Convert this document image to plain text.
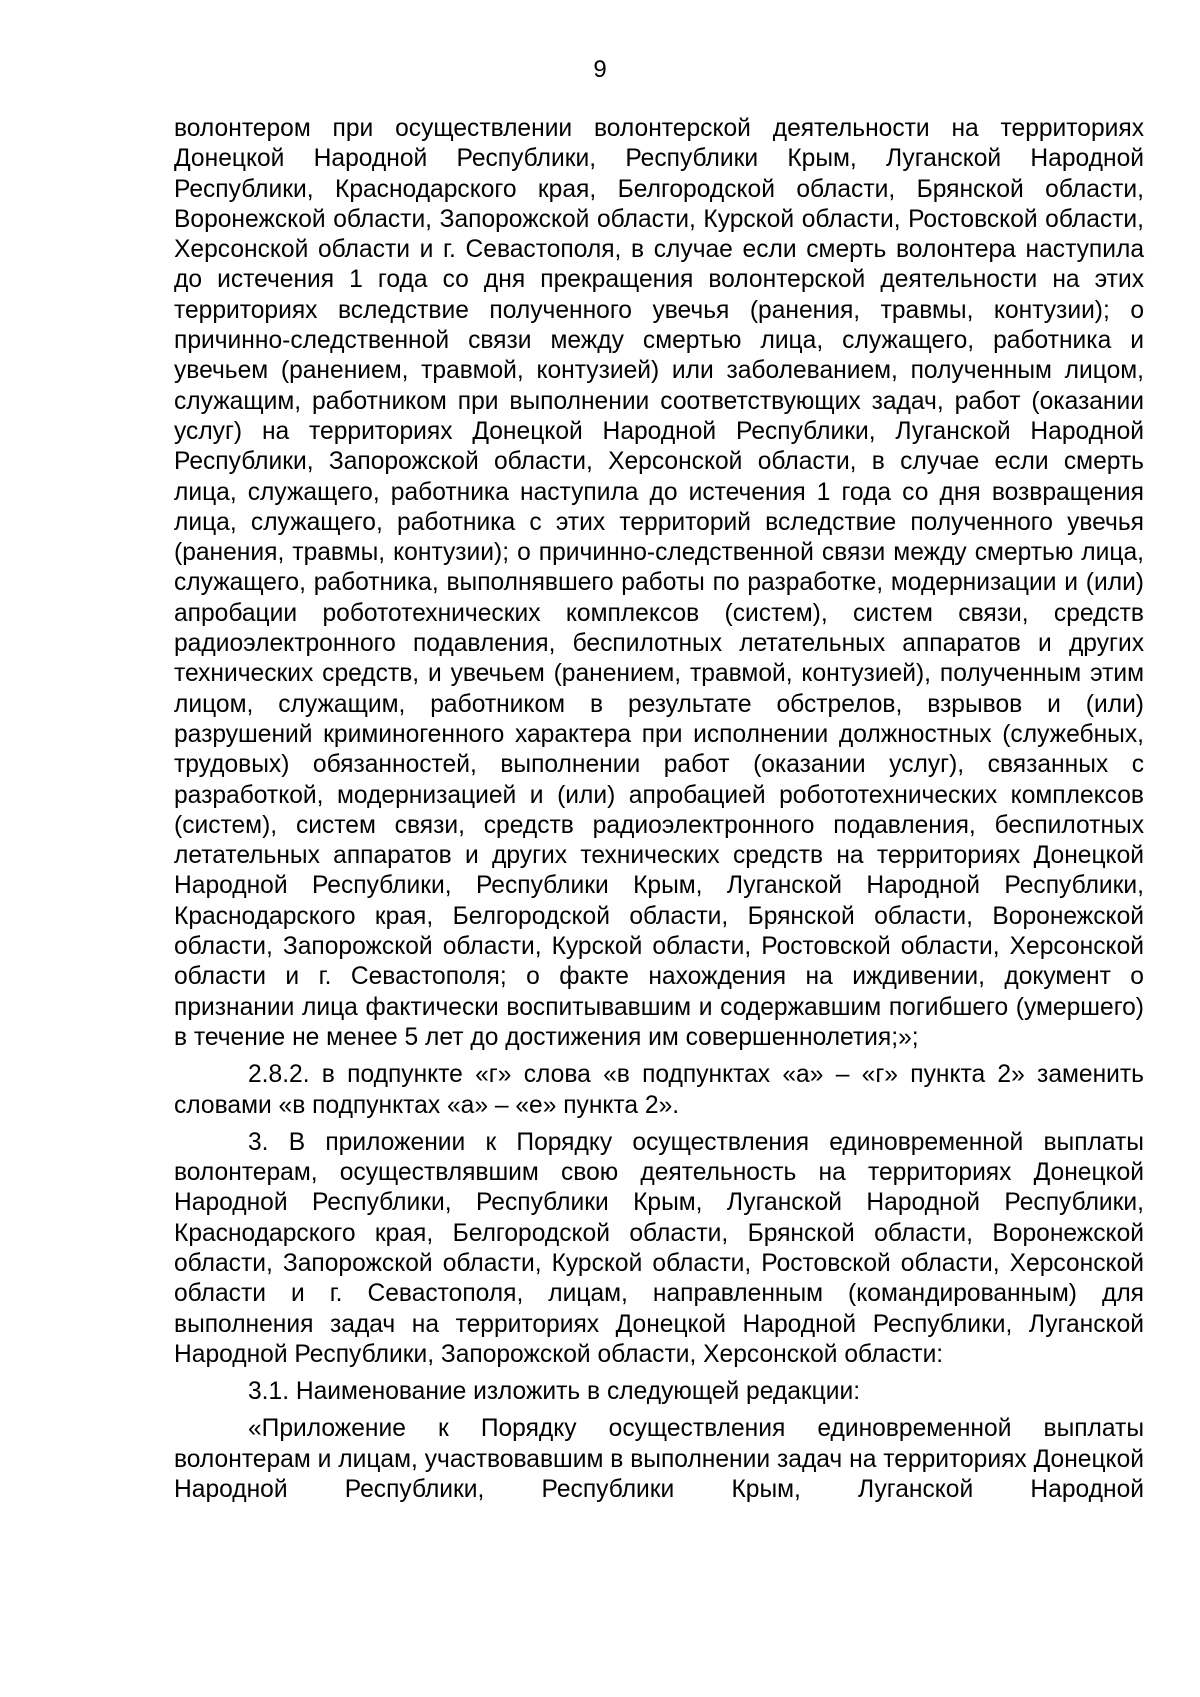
9

волонтером при осуществлении волонтерской деятельности на территориях Донецкой Народной Республики, Республики Крым, Луганской Народной Республики, Краснодарского края, Белгородской области, Брянской области, Воронежской области, Запорожской области, Курской области, Ростовской области, Херсонской области и г. Севастополя, в случае если смерть волонтера наступила до истечения 1 года со дня прекращения волонтерской деятельности на этих территориях вследствие полученного увечья (ранения, травмы, контузии); о причинно-следственной связи между смертью лица, служащего, работника и увечьем (ранением, травмой, контузией) или заболеванием, полученным лицом, служащим, работником при выполнении соответствующих задач, работ (оказании услуг) на территориях Донецкой Народной Республики, Луганской Народной Республики, Запорожской области, Херсонской области, в случае если смерть лица, служащего, работника наступила до истечения 1 года со дня возвращения лица, служащего, работника с этих территорий вследствие полученного увечья (ранения, травмы, контузии); о причинно-следственной связи между смертью лица, служащего, работника, выполнявшего работы по разработке, модернизации и (или) апробации робототехнических комплексов (систем), систем связи, средств радиоэлектронного подавления, беспилотных летательных аппаратов и других технических средств, и увечьем (ранением, травмой, контузией), полученным этим лицом, служащим, работником в результате обстрелов, взрывов и (или) разрушений криминогенного характера при исполнении должностных (служебных, трудовых) обязанностей, выполнении работ (оказании услуг), связанных с разработкой, модернизацией и (или) апробацией робототехнических комплексов (систем), систем связи, средств радиоэлектронного подавления, беспилотных летательных аппаратов и других технических средств на территориях Донецкой Народной Республики, Республики Крым, Луганской Народной Республики, Краснодарского края, Белгородской области, Брянской области, Воронежской области, Запорожской области, Курской области, Ростовской области, Херсонской области и г. Севастополя; о факте нахождения на иждивении, документ о признании лица фактически воспитывавшим и содержавшим погибшего (умершего) в течение не менее 5 лет до достижения им совершеннолетия;»;

2.8.2. в подпункте «г» слова «в подпунктах «а» – «г» пункта 2» заменить словами «в подпунктах «а» – «е» пункта 2».

3. В приложении к Порядку осуществления единовременной выплаты волонтерам, осуществлявшим свою деятельность на территориях Донецкой Народной Республики, Республики Крым, Луганской Народной Республики, Краснодарского края, Белгородской области, Брянской области, Воронежской области, Запорожской области, Курской области, Ростовской области, Херсонской области и г. Севастополя, лицам, направленным (командированным) для выполнения задач на территориях Донецкой Народной Республики, Луганской Народной Республики, Запорожской области, Херсонской области:

3.1. Наименование изложить в следующей редакции:

«Приложение к Порядку осуществления единовременной выплаты волонтерам и лицам, участвовавшим в выполнении задач на территориях Донецкой Народной Республики, Республики Крым, Луганской Народной
